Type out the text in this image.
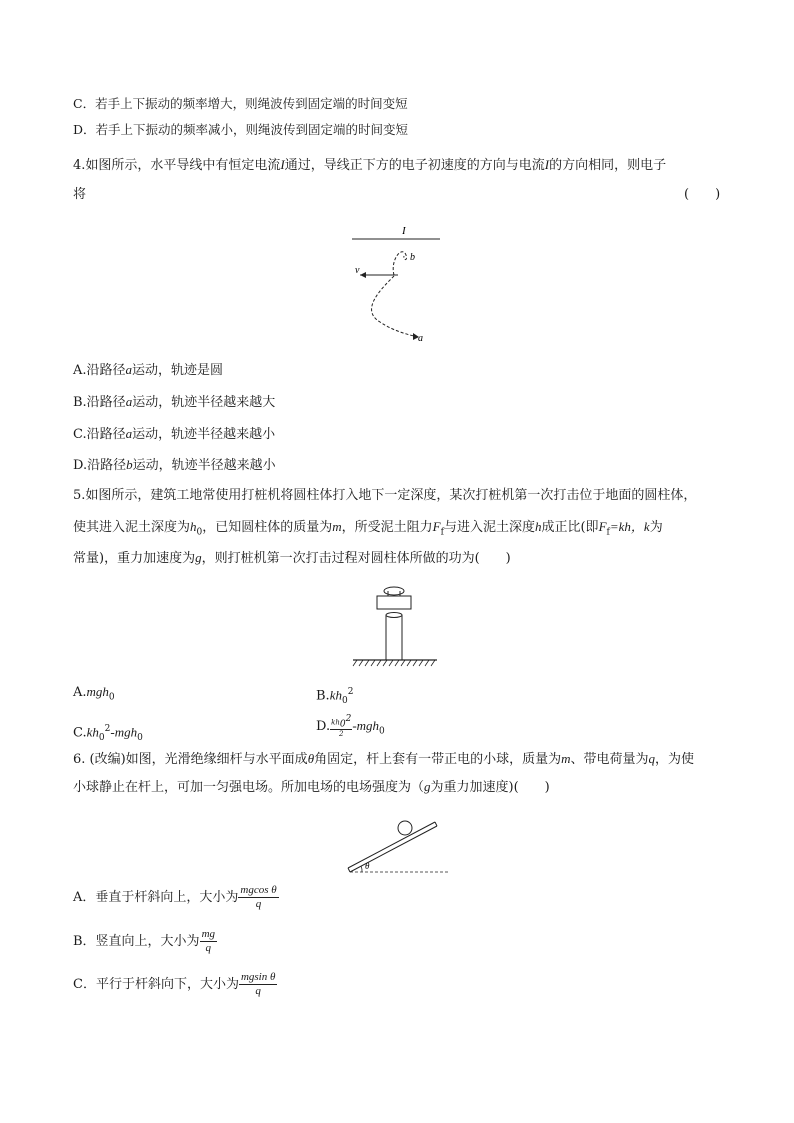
C．若手上下振动的频率增大，则绳波传到固定端的时间变短
D．若手上下振动的频率减小，则绳波传到固定端的时间变短
4.如图所示，水平导线中有恒定电流I通过，导线正下方的电子初速度的方向与电流I的方向相同，则电子
将	(　　)
I
v
b
a
A.沿路径a运动，轨迹是圆
B.沿路径a运动，轨迹半径越来越大
C.沿路径a运动，轨迹半径越来越小
D.沿路径b运动，轨迹半径越来越小
5.如图所示，建筑工地常使用打桩机将圆柱体打入地下一定深度，某次打桩机第一次打击位于地面的圆柱体，
使其进入泥土深度为$h_0$，已知圆柱体的质量为m，所受泥土阻力$F_f$与进入泥土深度h成正比(即$F_f=kh$，k为
常量)，重力加速度为g，则打桩机第一次打击过程对圆柱体所做的功为(　　)
A.mgh$_0$	$B.kh_0^2$
$C.kh_0^2-mgh_0$
D. $\frac{kh_0^2}{2} -mgh_0$
6. (改编)如图，光滑绝缘细杆与水平面成θ角固定，杆上套有一带正电的小球，质量为m、带电荷量为q，为使
小球静止在杆上，可加一匀强电场。所加电场的电场强度为（g为重力加速度)(　　)
θ
A．垂直于杆斜向上，大小为 $\frac{\text{mgcos θ}}{q}$
B．竖直向上，大小为 $\frac{mg}{q}$
C．平行于杆斜向下，大小为 $\frac{\text{mgsin θ}}{q}$
